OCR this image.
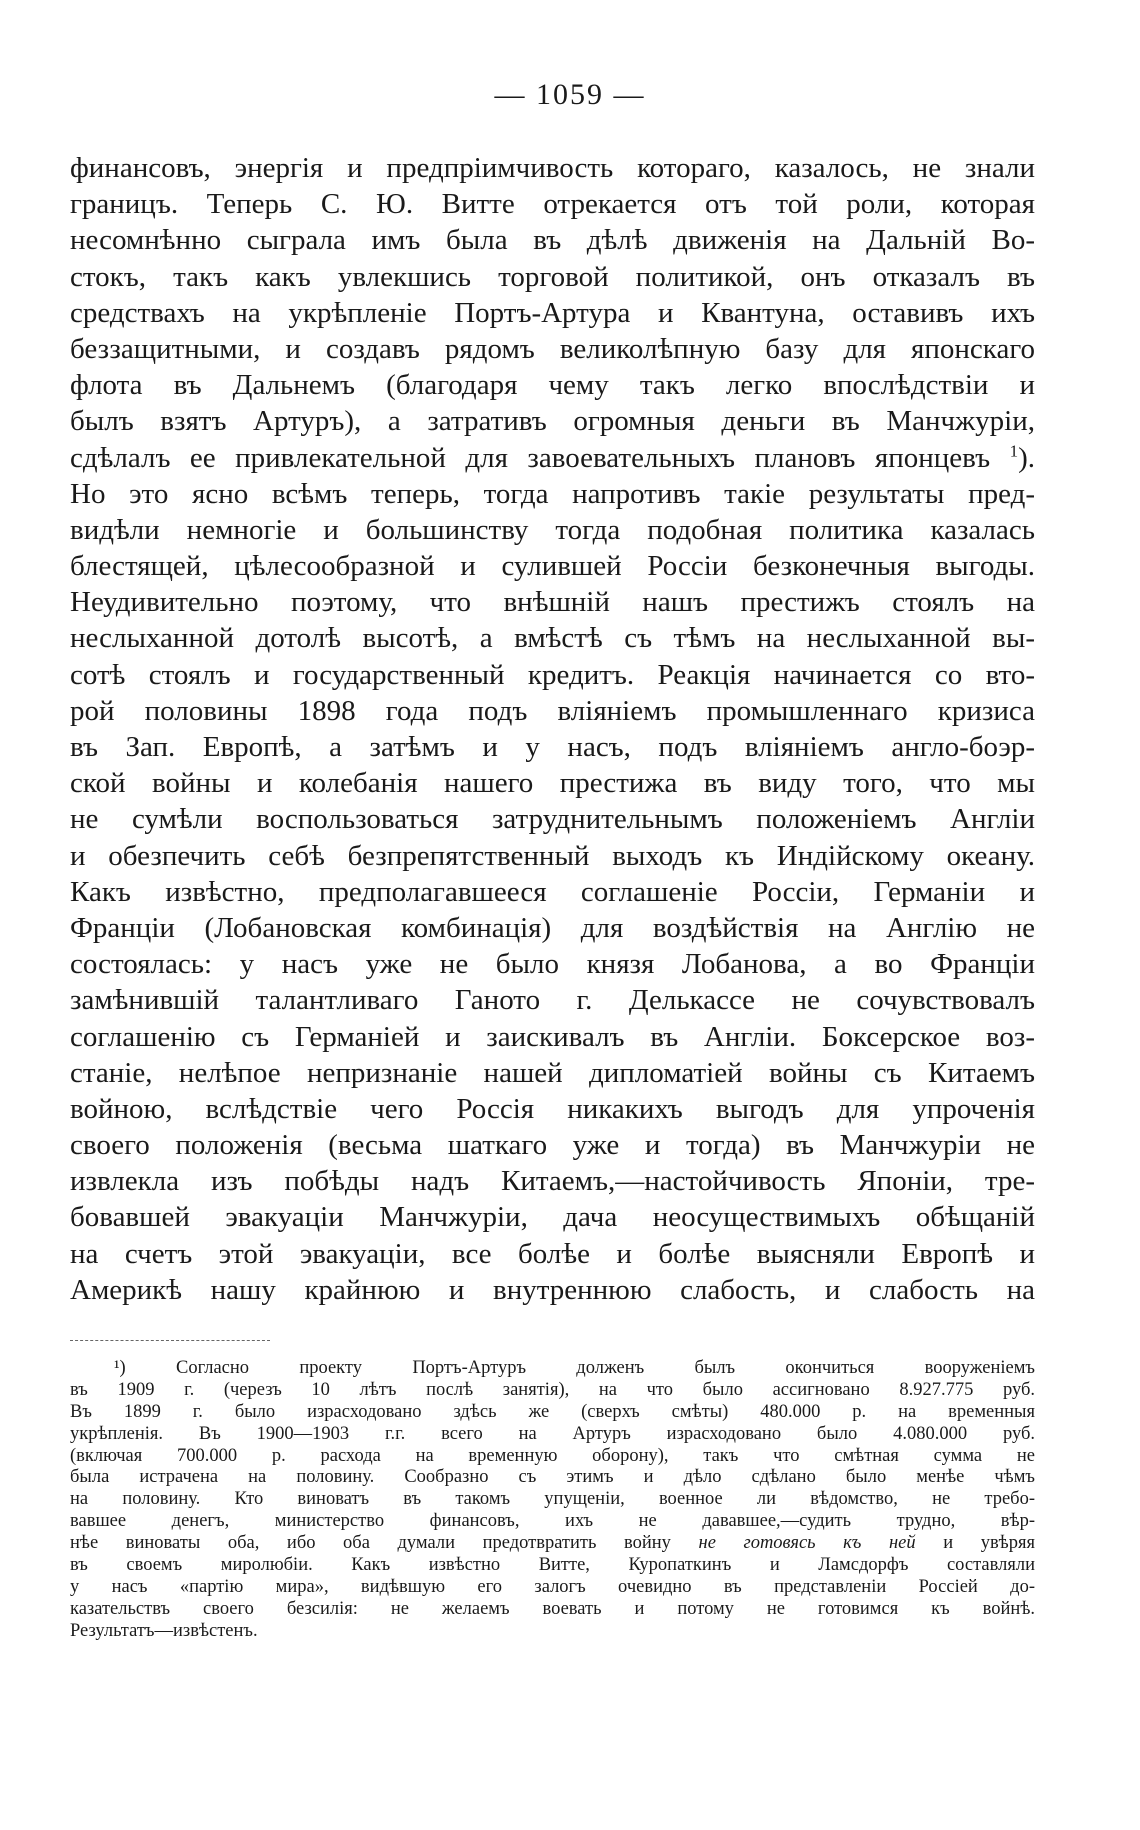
— 1059 —
финансовъ, энергія и предпріимчивость котораго, казалось, не знали
границъ. Теперь С. Ю. Витте отрекается отъ той роли, которая
несомнѣнно сыграла имъ была въ дѣлѣ движенія на Дальній Во-
стокъ, такъ какъ увлекшись торговой политикой, онъ отказалъ въ
средствахъ на укрѣпленіе Портъ-Артура и Квантуна, оставивъ ихъ
беззащитными, и создавъ рядомъ великолѣпную базу для японскаго
флота въ Дальнемъ (благодаря чему такъ легко впослѣдствіи и
былъ взятъ Артуръ), а затративъ огромныя деньги въ Манчжуріи,
сдѣлалъ ее привлекательной для завоевательныхъ плановъ японцевъ $^1$).
Но это ясно всѣмъ теперь, тогда напротивъ такіе результаты пред-
видѣли немногіе и большинству тогда подобная политика казалась
блестящей, цѣлесообразной и сулившей Россіи безконечныя выгоды.
Неудивительно поэтому, что внѣшній нашъ престижъ стоялъ на
неслыханной дотолѣ высотѣ, а вмѣстѣ съ тѣмъ на неслыханной вы-
сотѣ стоялъ и государственный кредитъ. Реакція начинается со вто-
рой половины 1898 года подъ вліяніемъ промышленнаго кризиса
въ Зап. Европѣ, а затѣмъ и у насъ, подъ вліяніемъ англо-боэр-
ской войны и колебанія нашего престижа въ виду того, что мы
не сумѣли воспользоваться затруднительнымъ положеніемъ Англіи
и обезпечить себѣ безпрепятственный выходъ къ Индійскому океану.
Какъ извѣстно, предполагавшееся соглашеніе Россіи, Германіи и
Франціи (Лобановская комбинація) для воздѣйствія на Англію не
состоялась: у насъ уже не было князя Лобанова, а во Франціи
замѣнившій талантливаго Ганото г. Делькассе не сочувствовалъ
соглашенію съ Германіей и заискивалъ въ Англіи. Боксерское воз-
станіе, нелѣпое непризнаніе нашей дипломатіей войны съ Китаемъ
войною, вслѣдствіе чего Россія никакихъ выгодъ для упроченія
своего положенія (весьма шаткаго уже и тогда) въ Манчжуріи не
извлекла изъ побѣды надъ Китаемъ,—настойчивость Японіи, тре-
бовавшей эвакуаціи Манчжуріи, дача неосуществимыхъ обѣщаній
на счетъ этой эвакуаціи, все болѣе и болѣе выясняли Европѣ и
Америкѣ нашу крайнюю и внутреннюю слабость, и слабость на
¹) Согласно проекту Портъ-Артуръ долженъ былъ окончиться вооруженіемъ
въ 1909 г. (черезъ 10 лѣтъ послѣ занятія), на что было ассигновано 8.927.775 руб.
Въ 1899 г. было израсходовано здѣсь же (сверхъ смѣты) 480.000 р. на временныя
укрѣпленія. Въ 1900—1903 г.г. всего на Артуръ израсходовано было 4.080.000 руб.
(включая 700.000 р. расхода на временную оборону), такъ что смѣтная сумма не
была истрачена на половину. Сообразно съ этимъ и дѣло сдѣлано было менѣе чѣмъ
на половину. Кто виноватъ въ такомъ упущеніи, военное ли вѣдомство, не требо-
вавшее денегъ, министерство финансовъ, ихъ не дававшее,—судить трудно, вѣр-
нѣе виноваты оба, ибо оба думали предотвратить войну не готовясь къ ней и увѣряя
въ своемъ миролюбіи. Какъ извѣстно Витте, Куропаткинъ и Ламсдорфъ составляли
у насъ «партію мира», видѣвшую его залогъ очевидно въ представленіи Россіей до-
казательствъ своего безсилія: не желаемъ воевать и потому не готовимся къ войнѣ.
Результатъ—извѣстенъ.
